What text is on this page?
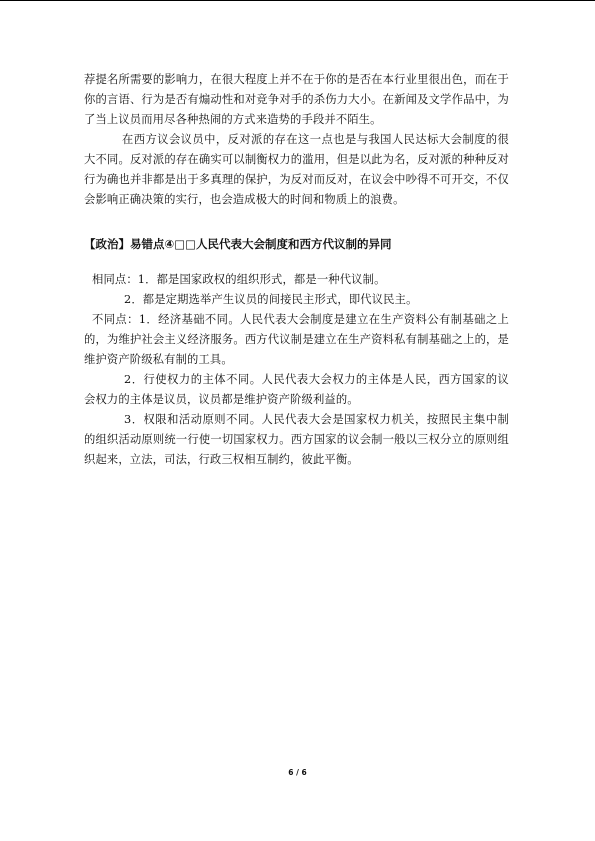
荐提名所需要的影响力，在很大程度上并不在于你的是否在本行业里很出色，而在于你的言语、行为是否有煽动性和对竞争对手的杀伤力大小。在新闻及文学作品中，为了当上议员而用尽各种热闹的方式来造势的手段并不陌生。

在西方议会议员中，反对派的存在这一点也是与我国人民达标大会制度的很大不同。反对派的存在确实可以制衡权力的滥用，但是以此为名，反对派的种种反对行为确也并非都是出于多真理的保护，为反对而反对，在议会中吵得不可开交，不仅会影响正确决策的实行，也会造成极大的时间和物质上的浪费。

【政治】易错点④□□人民代表大会制度和西方代议制的异同

相同点：1．都是国家政权的组织形式，都是一种代议制。

2．都是定期选举产生议员的间接民主形式，即代议民主。

不同点：1．经济基础不同。人民代表大会制度是建立在生产资料公有制基础之上的，为维护社会主义经济服务。西方代议制是建立在生产资料私有制基础之上的，是维护资产阶级私有制的工具。

2．行使权力的主体不同。人民代表大会权力的主体是人民，西方国家的议会权力的主体是议员，议员都是维护资产阶级利益的。

3．权限和活动原则不同。人民代表大会是国家权力机关，按照民主集中制的组织活动原则统一行使一切国家权力。西方国家的议会制一般以三权分立的原则组织起来，立法，司法，行政三权相互制约，彼此平衡。

6 / 6
